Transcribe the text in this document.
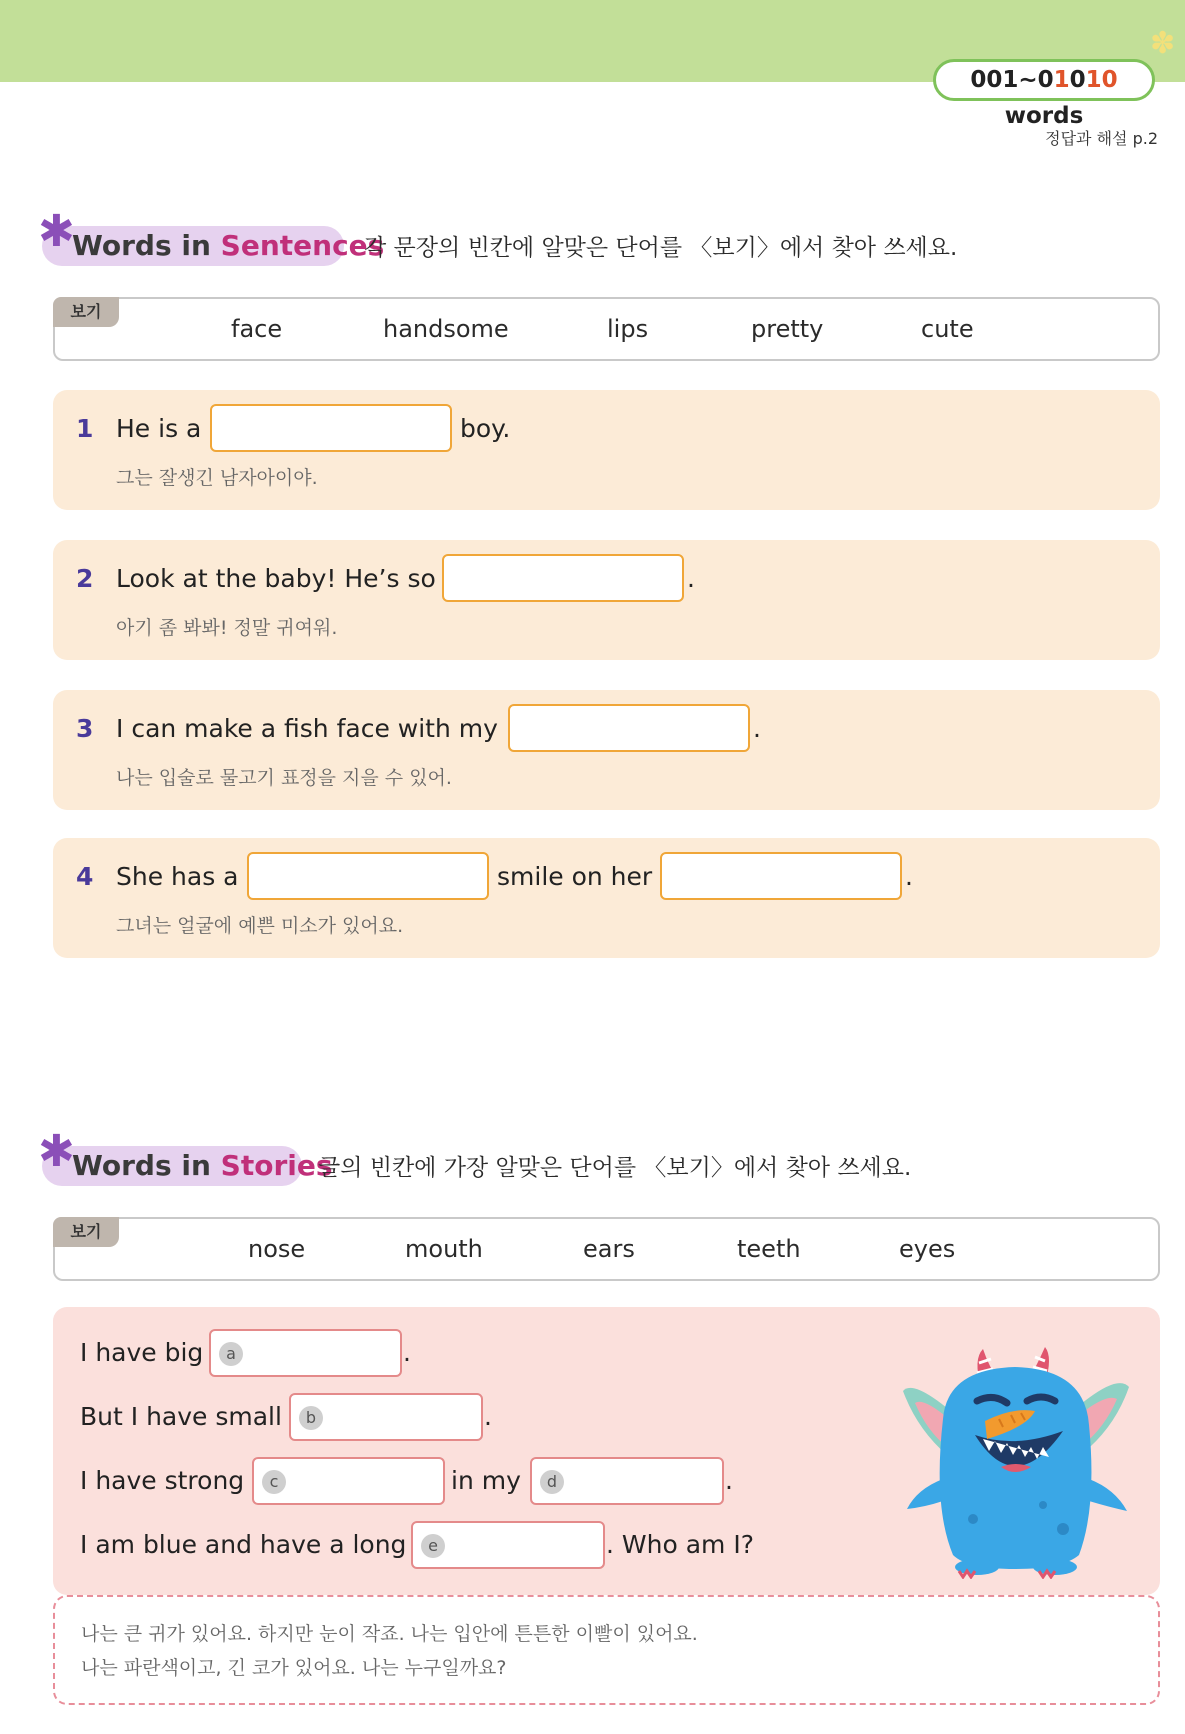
✽
001~01010 words
정답과 해설 p.2
Words in Sentences
✱	각 문장의 빈칸에 알맞은 단어를 〈보기〉에서 찾아 쓰세요.
보기
face	handsome	lips	pretty	cute
1 He is a	boy.
그는 잘생긴 남자아이야.
2 Look at the baby! He’s so	.
아기 좀 봐봐! 정말 귀여워.
3 I can make a fish face with my	.
나는 입술로 물고기 표정을 지을 수 있어.
4 She has a	smile on her	.
그녀는 얼굴에 예쁜 미소가 있어요.
Words in Stories
✱	글의 빈칸에 가장 알맞은 단어를 〈보기〉에서 찾아 쓰세요.
보기
nose	mouth	ears	teeth	eyes
I have big	a	.
But I have small	b	.
I have strong	c	in my	d	.
I am blue and have a long	e	. Who am I?
나는 큰 귀가 있어요. 하지만 눈이 작죠. 나는 입안에 튼튼한 이빨이 있어요.
나는 파란색이고, 긴 코가 있어요. 나는 누구일까요?
